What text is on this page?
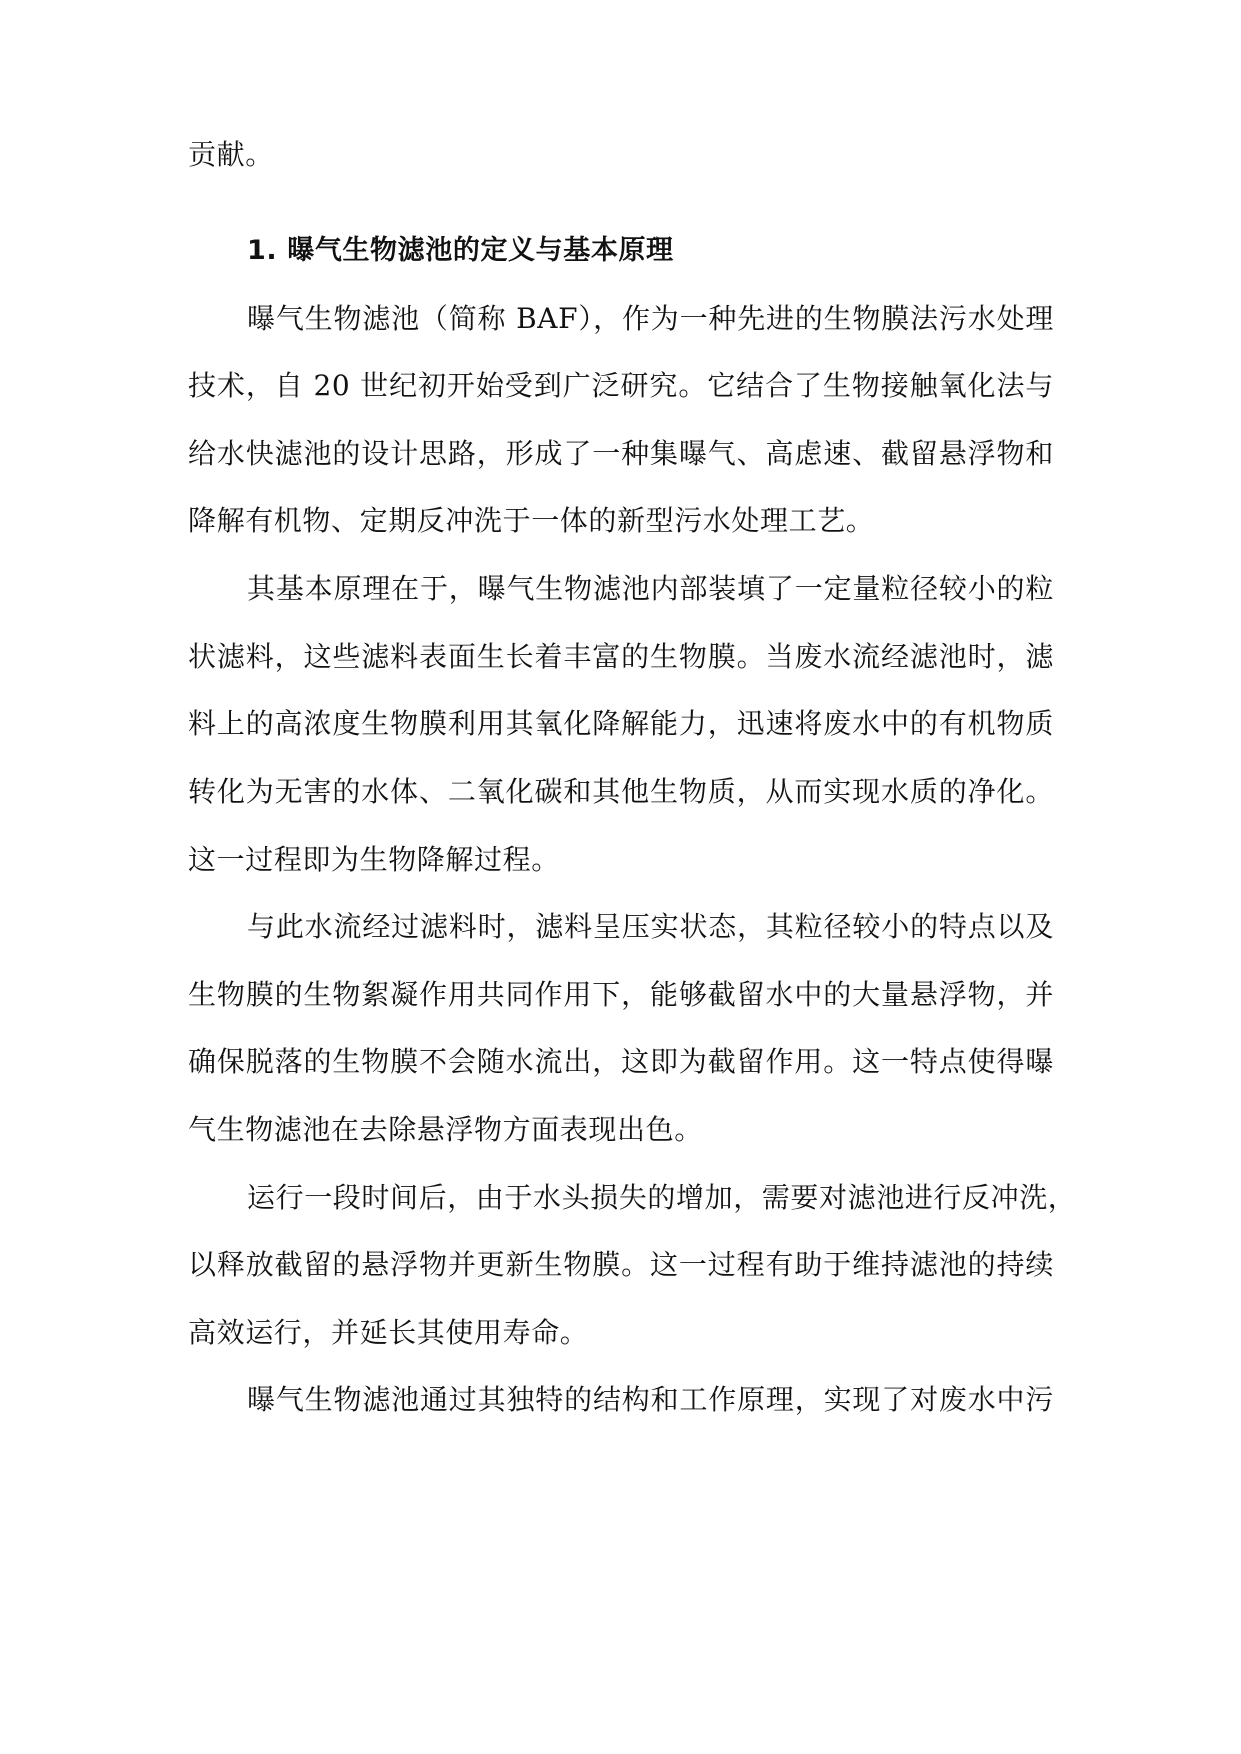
贡献。
1. 曝气生物滤池的定义与基本原理
曝气生物滤池（简称 BAF），作为一种先进的生物膜法污水处理
技术，自 20 世纪初开始受到广泛研究。它结合了生物接触氧化法与
给水快滤池的设计思路，形成了一种集曝气、高虑速、截留悬浮物和
降解有机物、定期反冲洗于一体的新型污水处理工艺。
其基本原理在于，曝气生物滤池内部装填了一定量粒径较小的粒
状滤料，这些滤料表面生长着丰富的生物膜。当废水流经滤池时，滤
料上的高浓度生物膜利用其氧化降解能力，迅速将废水中的有机物质
转化为无害的水体、二氧化碳和其他生物质，从而实现水质的净化。
这一过程即为生物降解过程。
与此水流经过滤料时，滤料呈压实状态，其粒径较小的特点以及
生物膜的生物絮凝作用共同作用下，能够截留水中的大量悬浮物，并
确保脱落的生物膜不会随水流出，这即为截留作用。这一特点使得曝
气生物滤池在去除悬浮物方面表现出色。
运行一段时间后，由于水头损失的增加，需要对滤池进行反冲洗，
以释放截留的悬浮物并更新生物膜。这一过程有助于维持滤池的持续
高效运行，并延长其使用寿命。
曝气生物滤池通过其独特的结构和工作原理，实现了对废水中污
